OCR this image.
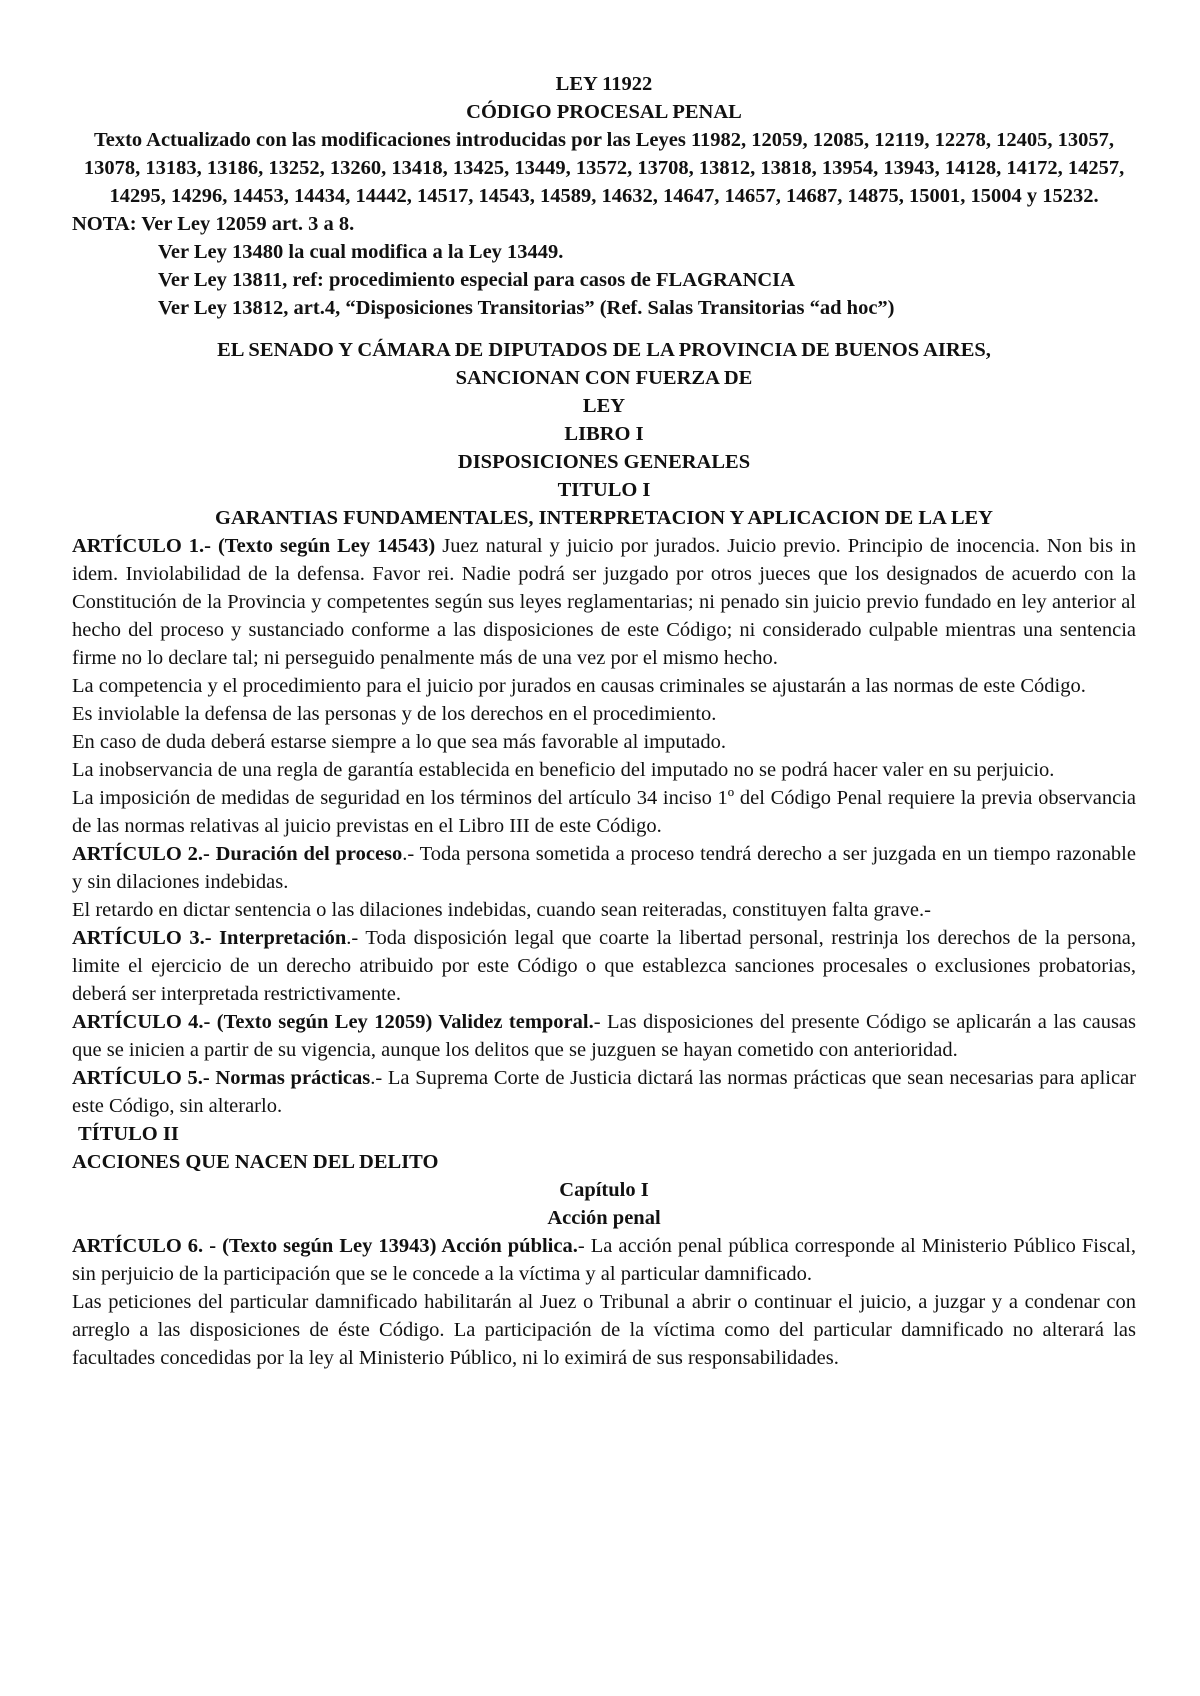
LEY 11922

CÓDIGO PROCESAL PENAL

Texto Actualizado con las modificaciones introducidas por las Leyes 11982, 12059, 12085, 12119, 12278, 12405, 13057, 13078, 13183, 13186, 13252, 13260, 13418, 13425, 13449, 13572, 13708, 13812, 13818, 13954, 13943, 14128, 14172, 14257, 14295, 14296, 14453, 14434, 14442, 14517, 14543, 14589, 14632, 14647, 14657, 14687, 14875, 15001, 15004 y 15232.

NOTA: Ver Ley 12059 art. 3 a 8.
Ver Ley 13480 la cual modifica a la Ley 13449.
Ver Ley 13811, ref: procedimiento especial para casos de FLAGRANCIA
Ver Ley 13812, art.4, “Disposiciones Transitorias” (Ref. Salas Transitorias “ad hoc”)

EL SENADO Y CÁMARA DE DIPUTADOS DE LA PROVINCIA DE BUENOS AIRES,

SANCIONAN CON FUERZA DE

LEY

LIBRO I

DISPOSICIONES GENERALES

TITULO I

GARANTIAS FUNDAMENTALES, INTERPRETACION Y APLICACION DE LA LEY

ARTÍCULO 1.- (Texto según Ley 14543) Juez natural y juicio por jurados. Juicio previo. Principio de inocencia. Non bis in idem. Inviolabilidad de la defensa. Favor rei. Nadie podrá ser juzgado por otros jueces que los designados de acuerdo con la Constitución de la Provincia y competentes según sus leyes reglamentarias; ni penado sin juicio previo fundado en ley anterior al hecho del proceso y sustanciado conforme a las disposiciones de este Código; ni considerado culpable mientras una sentencia firme no lo declare tal; ni perseguido penalmente más de una vez por el mismo hecho.

La competencia y el procedimiento para el juicio por jurados en causas criminales se ajustarán a las normas de este Código.

Es inviolable la defensa de las personas y de los derechos en el procedimiento.

En caso de duda deberá estarse siempre a lo que sea más favorable al imputado.

La inobservancia de una regla de garantía establecida en beneficio del imputado no se podrá hacer valer en su perjuicio.

La imposición de medidas de seguridad en los términos del artículo 34 inciso 1º del Código Penal requiere la previa observancia de las normas relativas al juicio previstas en el Libro III de este Código.

ARTÍCULO 2.- Duración del proceso.- Toda persona sometida a proceso tendrá derecho a ser juzgada en un tiempo razonable y sin dilaciones indebidas.

El retardo en dictar sentencia o las dilaciones indebidas, cuando sean reiteradas, constituyen falta grave.-

ARTÍCULO 3.- Interpretación.- Toda disposición legal que coarte la libertad personal, restrinja los derechos de la persona, limite el ejercicio de un derecho atribuido por este Código o que establezca sanciones procesales o exclusiones probatorias, deberá ser interpretada restrictivamente.

ARTÍCULO 4.- (Texto según Ley 12059) Validez temporal.- Las disposiciones del presente Código se aplicarán a las causas que se inicien a partir de su vigencia, aunque los delitos que se juzguen se hayan cometido con anterioridad.

ARTÍCULO 5.- Normas prácticas.- La Suprema Corte de Justicia dictará las normas prácticas que sean necesarias para aplicar este Código, sin alterarlo.

TÍTULO II

ACCIONES QUE NACEN DEL DELITO

Capítulo I

Acción penal

ARTÍCULO 6. - (Texto según Ley 13943) Acción pública.- La acción penal pública corresponde al Ministerio Público Fiscal, sin perjuicio de la participación que se le concede a la víctima y al particular damnificado.

Las peticiones del particular damnificado habilitarán al Juez o Tribunal a abrir o continuar el juicio, a juzgar y a condenar con arreglo a las disposiciones de éste Código. La participación de la víctima como del particular damnificado no alterará las facultades concedidas por la ley al Ministerio Público, ni lo eximirá de sus responsabilidades.
